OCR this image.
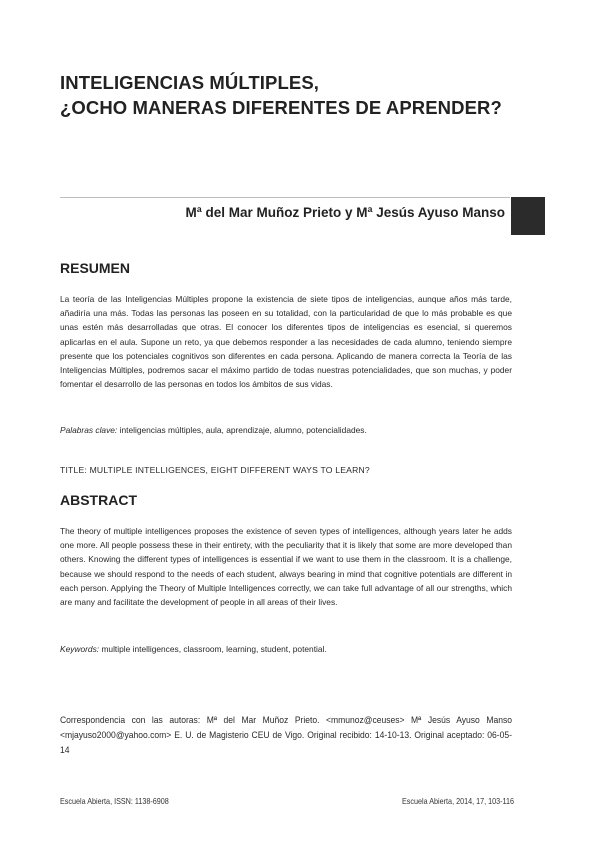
INTELIGENCIAS MÚLTIPLES,
¿OCHO MANERAS DIFERENTES DE APRENDER?
Mª del Mar Muñoz Prieto y Mª Jesús Ayuso Manso
RESUMEN
La teoría de las Inteligencias Múltiples propone la existencia de siete tipos de inteligencias, aunque años más tarde, añadiría una más. Todas las personas las poseen en su totalidad, con la particularidad de que lo más probable es que unas estén más desarrolladas que otras. El conocer los diferentes tipos de inteligencias es esencial, si queremos aplicarlas en el aula. Supone un reto, ya que debemos responder a las necesidades de cada alumno, teniendo siempre presente que los potenciales cognitivos son diferentes en cada persona. Aplicando de manera correcta la Teoría de las Inteligencias Múltiples, podremos sacar el máximo partido de todas nuestras potencialidades, que son muchas, y poder fomentar el desarrollo de las personas en todos los ámbitos de sus vidas.
Palabras clave: inteligencias múltiples, aula, aprendizaje, alumno, potencialidades.
TITLE: MULTIPLE INTELLIGENCES, EIGHT DIFFERENT WAYS TO LEARN?
ABSTRACT
The theory of multiple intelligences proposes the existence of seven types of intelligences, although years later he adds one more. All people possess these in their entirety, with the peculiarity that it is likely that some are more developed than others. Knowing the different types of intelligences is essential if we want to use them in the classroom. It is a challenge, because we should respond to the needs of each student, always bearing in mind that cognitive potentials are different in each person. Applying the Theory of Multiple Intelligences correctly, we can take full advantage of all our strengths, which are many and facilitate the development of people in all areas of their lives.
Keywords: multiple intelligences, classroom, learning, student, potential.
Correspondencia con las autoras: Mª del Mar Muñoz Prieto. <mmunoz@ceuses> Mª Jesús Ayuso Manso <mjayuso2000@yahoo.com> E. U. de Magisterio CEU de Vigo. Original recibido: 14-10-13. Original aceptado: 06-05-14
Escuela Abierta, ISSN: 1138-6908	Escuela Abierta, 2014, 17, 103-116
